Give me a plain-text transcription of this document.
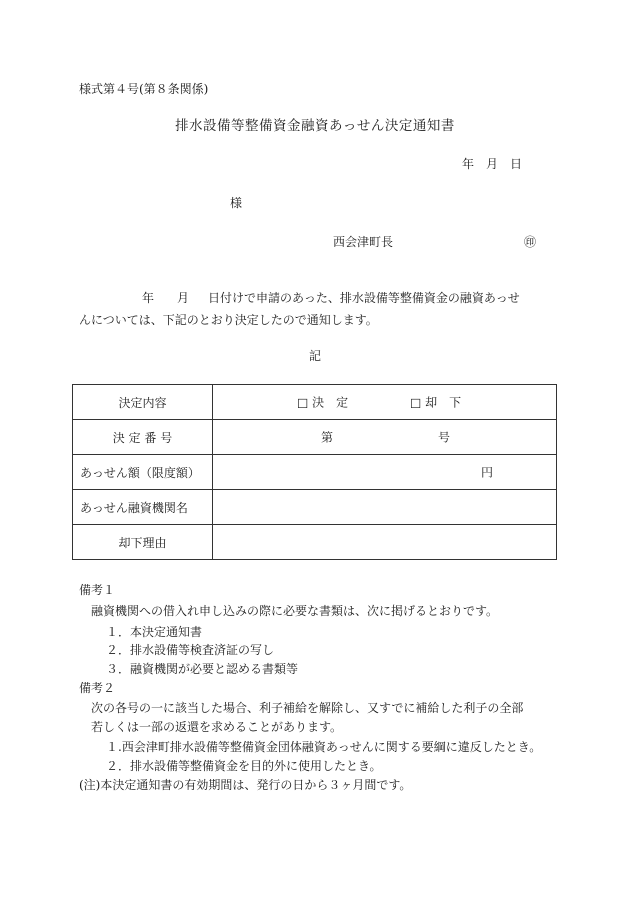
様式第４号(第８条関係)
排水設備等整備資金融資あっせん決定通知書
年　月　日
様
西会津町長	㊞
年 月 日付けで申請のあった、排水設備等整備資金の融資あっせ
んについては、下記のとおり決定したので通知します。
記
決定内容	□ 決　定 □ 却　下

決 定 番 号	第 号

あっせん額（限度額）	円

あっせん融資機関名	
却下理由	
備考１
融資機関への借入れ申し込みの際に必要な書類は、次に掲げるとおりです。
１．本決定通知書
２．排水設備等検査済証の写し
３．融資機関が必要と認める書類等
備考２
次の各号の一に該当した場合、利子補給を解除し、又すでに補給した利子の全部
若しくは一部の返還を求めることがあります。
１.西会津町排水設備等整備資金団体融資あっせんに関する要綱に違反したとき。
２．排水設備等整備資金を目的外に使用したとき。
(注)本決定通知書の有効期間は、発行の日から３ヶ月間です。
